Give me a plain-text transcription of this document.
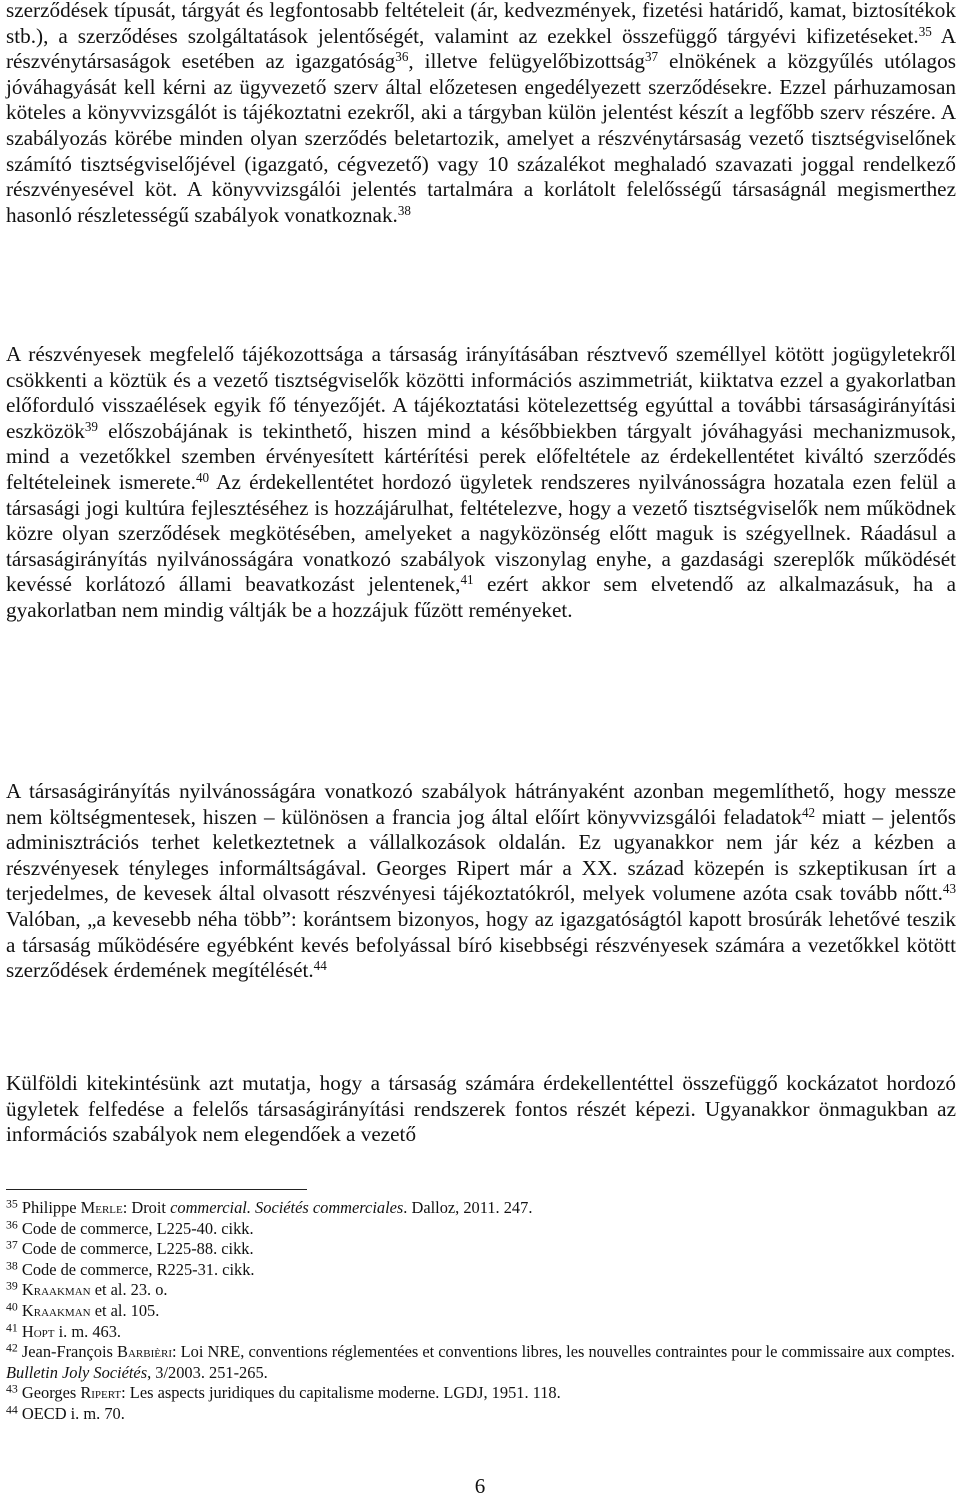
szerződések típusát, tárgyát és legfontosabb feltételeit (ár, kedvezmények, fizetési határidő, kamat, biztosítékok stb.), a szerződéses szolgáltatások jelentőségét, valamint az ezekkel összefüggő tárgyévi kifizetéseket.$^{35}$ A részvénytársaságok esetében az igazgatóság$^{36}$, illetve felügyelőbizottság$^{37}$ elnökének a közgyűlés utólagos jóváhagyását kell kérni az ügyvezető szerv által előzetesen engedélyezett szerződésekre. Ezzel párhuzamosan köteles a könyvvizsgálót is tájékoztatni ezekről, aki a tárgyban külön jelentést készít a legfőbb szerv részére. A szabályozás körébe minden olyan szerződés beletartozik, amelyet a részvénytársaság vezető tisztségviselőnek számító tisztségviselőjével (igazgató, cégvezető) vagy 10 százalékot meghaladó szavazati joggal rendelkező részvényesével köt. A könyvvizsgálói jelentés tartalmára a korlátolt felelősségű társaságnál megismerthez hasonló részletességű szabályok vonatkoznak.$^{38}$

A részvényesek megfelelő tájékozottsága a társaság irányításában résztvevő személlyel kötött jogügyletekről csökkenti a köztük és a vezető tisztségviselők közötti információs aszimmetriát, kiiktatva ezzel a gyakorlatban előforduló visszaélések egyik fő tényezőjét. A tájékoztatási kötelezettség egyúttal a további társaságirányítási eszközök$^{39}$ előszobájának is tekinthető, hiszen mind a későbbiekben tárgyalt jóváhagyási mechanizmusok, mind a vezetőkkel szemben érvényesített kártérítési perek előfeltétele az érdekellentétet kiváltó szerződés feltételeinek ismerete.$^{40}$ Az érdekellentétet hordozó ügyletek rendszeres nyilvánosságra hozatala ezen felül a társasági jogi kultúra fejlesztéséhez is hozzájárulhat, feltételezve, hogy a vezető tisztségviselők nem működnek közre olyan szerződések megkötésében, amelyeket a nagyközönség előtt maguk is szégyellnek. Ráadásul a társaságirányítás nyilvánosságára vonatkozó szabályok viszonylag enyhe, a gazdasági szereplők működését kevéssé korlátozó állami beavatkozást jelentenek,$^{41}$ ezért akkor sem elvetendő az alkalmazásuk, ha a gyakorlatban nem mindig váltják be a hozzájuk fűzött reményeket.

A társaságirányítás nyilvánosságára vonatkozó szabályok hátrányaként azonban megemlíthető, hogy messze nem költségmentesek, hiszen – különösen a francia jog által előírt könyvvizsgálói feladatok$^{42}$ miatt – jelentős adminisztrációs terhet keletkeztetnek a vállalkozások oldalán. Ez ugyanakkor nem jár kéz a kézben a részvényesek tényleges informáltságával. Georges Ripert már a XX. század közepén is szkeptikusan írt a terjedelmes, de kevesek által olvasott részvényesi tájékoztatókról, melyek volumene azóta csak tovább nőtt.$^{43}$ Valóban, „a kevesebb néha több”: korántsem bizonyos, hogy az igazgatóságtól kapott brosúrák lehetővé teszik a társaság működésére egyébként kevés befolyással bíró kisebbségi részvényesek számára a vezetőkkel kötött szerződések érdemének megítélését.$^{44}$

Külföldi kitekintésünk azt mutatja, hogy a társaság számára érdekellentéttel összefüggő kockázatot hordozó ügyletek felfedése a felelős társaságirányítási rendszerek fontos részét képezi. Ugyanakkor önmagukban az információs szabályok nem elegendőek a vezető

$^{35}$ Philippe Merle: Droit commercial. Sociétés commerciales. Dalloz, 2011. 247.

$^{36}$ Code de commerce, L225-40. cikk.

$^{37}$ Code de commerce, L225-88. cikk.

$^{38}$ Code de commerce, R225-31. cikk.

$^{39}$ Kraakman et al. 23. o.

$^{40}$ Kraakman et al. 105.

$^{41}$ Hopt i. m. 463.

$^{42}$ Jean-François Barbièri: Loi NRE, conventions réglementées et conventions libres, les nouvelles contraintes pour le commissaire aux comptes. Bulletin Joly Sociétés, 3/2003. 251-265.

$^{43}$ Georges Ripert: Les aspects juridiques du capitalisme moderne. LGDJ, 1951. 118.

$^{44}$ OECD i. m. 70.

6
